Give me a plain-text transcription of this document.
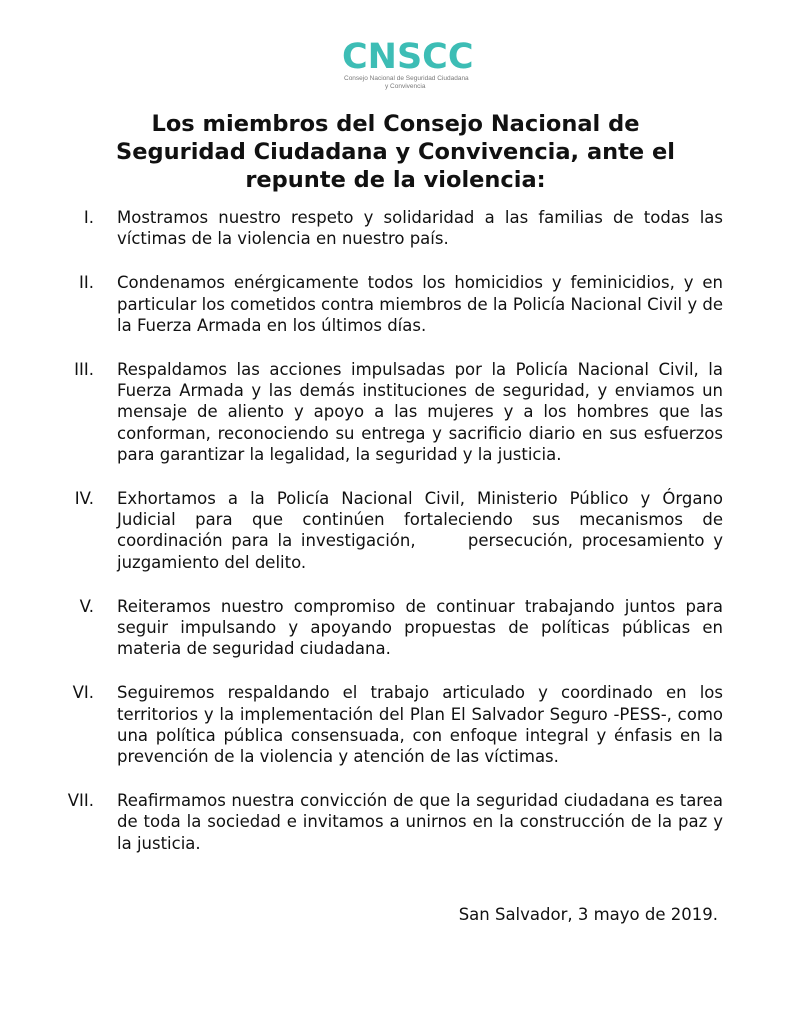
CNSCC
Consejo Nacional de Seguridad Ciudadana
y Convivencia
Los miembros del Consejo Nacional de Seguridad Ciudadana y Convivencia, ante el repunte de la violencia:
I. Mostramos nuestro respeto y solidaridad a las familias de todas las víctimas de la violencia en nuestro país.
II. Condenamos enérgicamente todos los homicidios y feminicidios, y en particular los cometidos contra miembros de la Policía Nacional Civil y de la Fuerza Armada en los últimos días.
III. Respaldamos las acciones impulsadas por la Policía Nacional Civil, la Fuerza Armada y las demás instituciones de seguridad, y enviamos un mensaje de aliento y apoyo a las mujeres y a los hombres que las conforman, reconociendo su entrega y sacrificio diario en sus esfuerzos para garantizar la legalidad, la seguridad y la justicia.
IV. Exhortamos a la Policía Nacional Civil, Ministerio Público y Órgano Judicial para que continúen fortaleciendo sus mecanismos de coordinación para la investigación,      persecución, procesamiento y juzgamiento del delito.
V. Reiteramos nuestro compromiso de continuar trabajando juntos para seguir impulsando y apoyando propuestas de políticas públicas en materia de seguridad ciudadana.
VI. Seguiremos respaldando el trabajo articulado y coordinado en los territorios y la implementación del Plan El Salvador Seguro -PESS-, como una política pública consensuada, con enfoque integral y énfasis en la prevención de la violencia y atención de las víctimas.
VII. Reafirmamos nuestra convicción de que la seguridad ciudadana es tarea de toda la sociedad e invitamos a unirnos en la construcción de la paz y la justicia.
San Salvador, 3 mayo de 2019.
